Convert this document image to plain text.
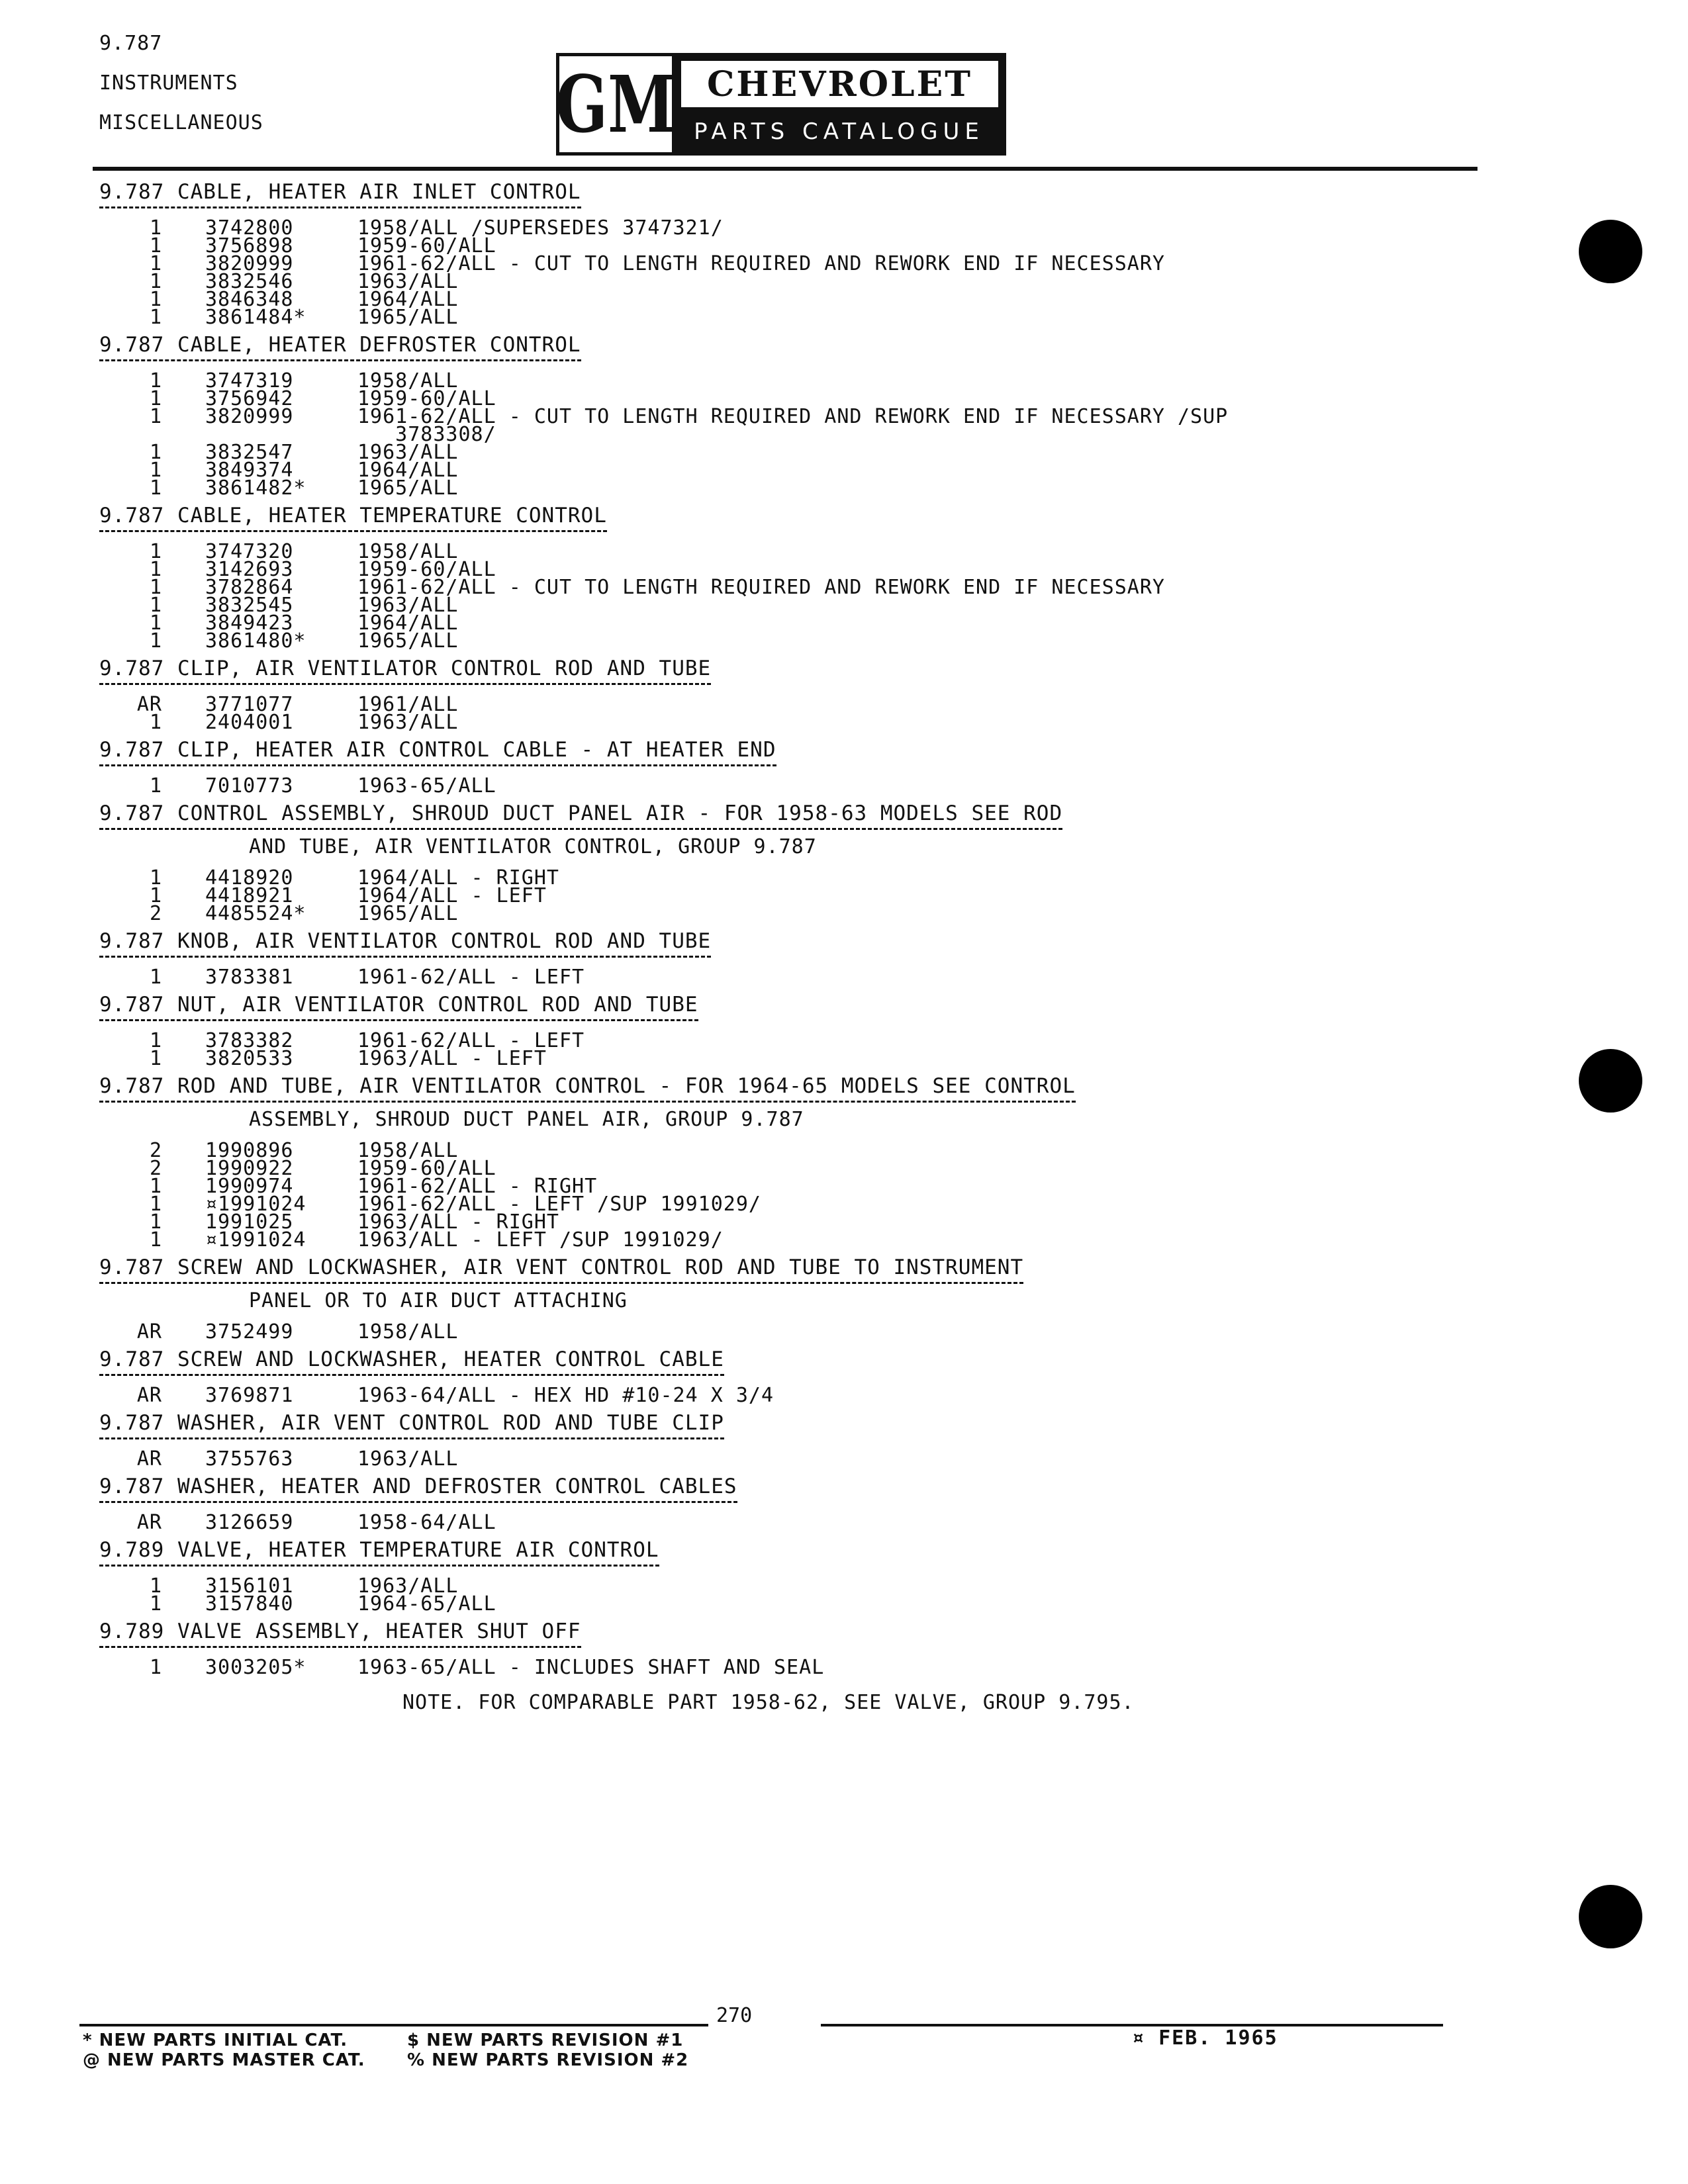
9.787
INSTRUMENTS
MISCELLANEOUS	GM CHEVROLET
PARTS CATALOGUE
9.787 CABLE, HEATER AIR INLET CONTROL
1	3742800	1958/ALL /SUPERSEDES 3747321/
1	3756898	1959-60/ALL
1	3820999	1961-62/ALL - CUT TO LENGTH REQUIRED AND REWORK END IF NECESSARY
1	3832546	1963/ALL
1	3846348	1964/ALL
1	3861484*	1965/ALL
9.787 CABLE, HEATER DEFROSTER CONTROL
1	3747319	1958/ALL
1	3756942	1959-60/ALL
1	3820999	1961-62/ALL - CUT TO LENGTH REQUIRED AND REWORK END IF NECESSARY /SUP
3783308/
1	3832547	1963/ALL
1	3849374	1964/ALL
1	3861482*	1965/ALL
9.787 CABLE, HEATER TEMPERATURE CONTROL
1	3747320	1958/ALL
1	3142693	1959-60/ALL
1	3782864	1961-62/ALL - CUT TO LENGTH REQUIRED AND REWORK END IF NECESSARY
1	3832545	1963/ALL
1	3849423	1964/ALL
1	3861480*	1965/ALL
9.787 CLIP, AIR VENTILATOR CONTROL ROD AND TUBE
AR	3771077	1961/ALL
1	2404001	1963/ALL
9.787 CLIP, HEATER AIR CONTROL CABLE - AT HEATER END
1	7010773	1963-65/ALL
9.787 CONTROL ASSEMBLY, SHROUD DUCT PANEL AIR - FOR 1958-63 MODELS SEE ROD
AND TUBE, AIR VENTILATOR CONTROL, GROUP 9.787
1	4418920	1964/ALL - RIGHT
1	4418921	1964/ALL - LEFT
2	4485524*	1965/ALL
9.787 KNOB, AIR VENTILATOR CONTROL ROD AND TUBE
1	3783381	1961-62/ALL - LEFT
9.787 NUT, AIR VENTILATOR CONTROL ROD AND TUBE
1	3783382	1961-62/ALL - LEFT
1	3820533	1963/ALL - LEFT
9.787 ROD AND TUBE, AIR VENTILATOR CONTROL - FOR 1964-65 MODELS SEE CONTROL
ASSEMBLY, SHROUD DUCT PANEL AIR, GROUP 9.787
2	1990896	1958/ALL
2	1990922	1959-60/ALL
1	1990974	1961-62/ALL - RIGHT
1	¤1991024	1961-62/ALL - LEFT /SUP 1991029/
1	1991025	1963/ALL - RIGHT
1	¤1991024	1963/ALL - LEFT /SUP 1991029/
9.787 SCREW AND LOCKWASHER, AIR VENT CONTROL ROD AND TUBE TO INSTRUMENT
PANEL OR TO AIR DUCT ATTACHING
AR	3752499	1958/ALL
9.787 SCREW AND LOCKWASHER, HEATER CONTROL CABLE
AR	3769871	1963-64/ALL - HEX HD #10-24 X 3/4
9.787 WASHER, AIR VENT CONTROL ROD AND TUBE CLIP
AR	3755763	1963/ALL
9.787 WASHER, HEATER AND DEFROSTER CONTROL CABLES
AR	3126659	1958-64/ALL
9.789 VALVE, HEATER TEMPERATURE AIR CONTROL
1	3156101	1963/ALL
1	3157840	1964-65/ALL
9.789 VALVE ASSEMBLY, HEATER SHUT OFF
1	3003205*	1963-65/ALL - INCLUDES SHAFT AND SEAL
NOTE. FOR COMPARABLE PART 1958-62, SEE VALVE, GROUP 9.795.
270
* NEW PARTS INITIAL CAT.
@ NEW PARTS MASTER CAT.
$ NEW PARTS REVISION #1
% NEW PARTS REVISION #2
¤ FEB. 1965
